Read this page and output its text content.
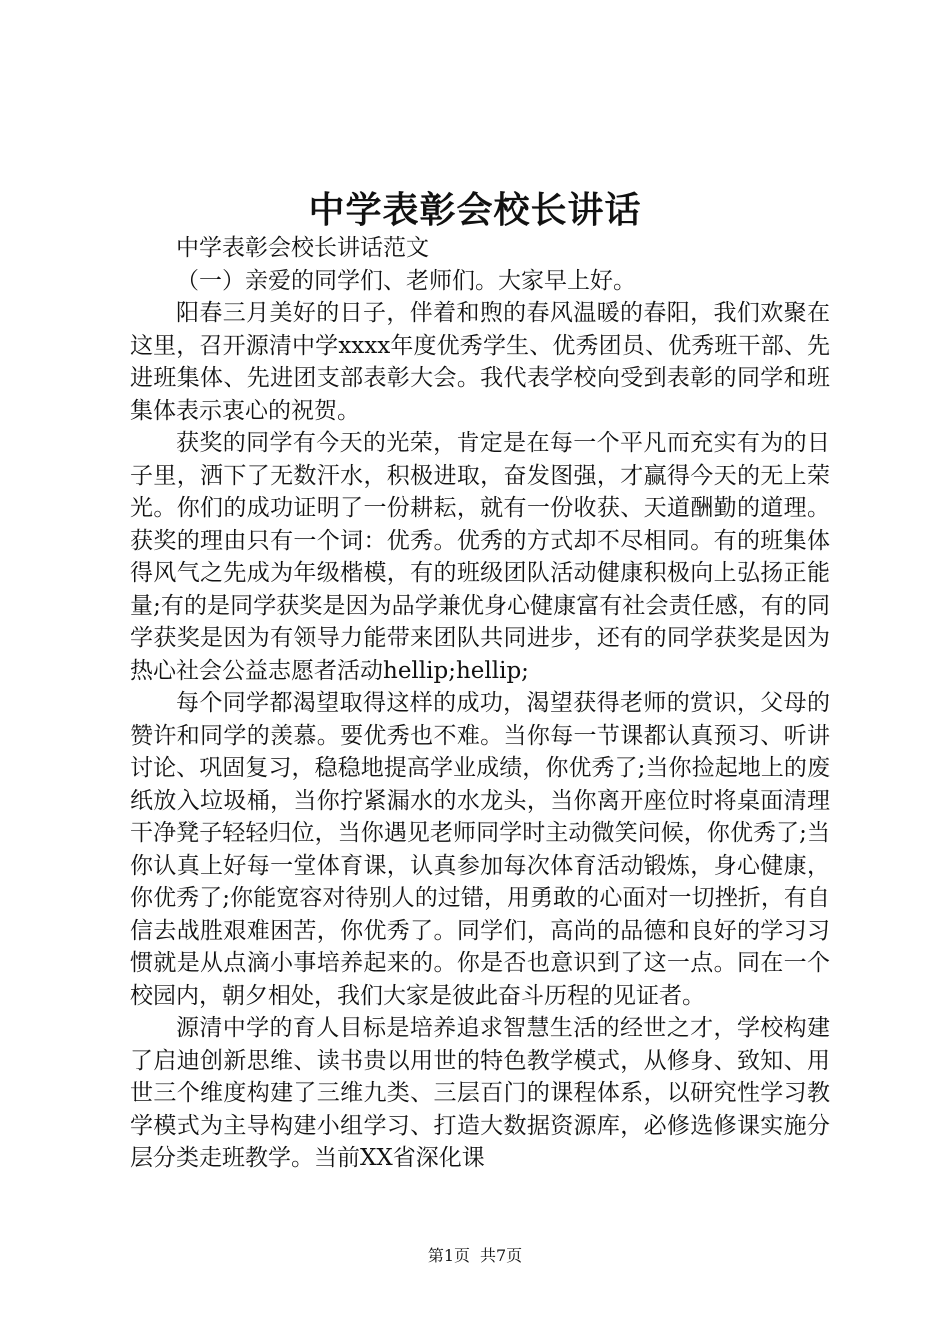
中学表彰会校长讲话

中学表彰会校长讲话范文

（一）亲爱的同学们、老师们。大家早上好。

阳春三月美好的日子，伴着和煦的春风温暖的春阳，我们欢聚在这里，召开源清中学xxxx年度优秀学生、优秀团员、优秀班干部、先进班集体、先进团支部表彰大会。我代表学校向受到表彰的同学和班集体表示衷心的祝贺。

获奖的同学有今天的光荣，肯定是在每一个平凡而充实有为的日子里，洒下了无数汗水，积极进取，奋发图强，才赢得今天的无上荣光。你们的成功证明了一份耕耘，就有一份收获、天道酬勤的道理。获奖的理由只有一个词：优秀。优秀的方式却不尽相同。有的班集体得风气之先成为年级楷模，有的班级团队活动健康积极向上弘扬正能量;有的是同学获奖是因为品学兼优身心健康富有社会责任感，有的同学获奖是因为有领导力能带来团队共同进步，还有的同学获奖是因为热心社会公益志愿者活动hellip;hellip;

每个同学都渴望取得这样的成功，渴望获得老师的赏识，父母的赞许和同学的羡慕。要优秀也不难。当你每一节课都认真预习、听讲讨论、巩固复习，稳稳地提高学业成绩，你优秀了;当你捡起地上的废纸放入垃圾桶，当你拧紧漏水的水龙头，当你离开座位时将桌面清理干净凳子轻轻归位，当你遇见老师同学时主动微笑问候，你优秀了;当你认真上好每一堂体育课，认真参加每次体育活动锻炼，身心健康，你优秀了;你能宽容对待别人的过错，用勇敢的心面对一切挫折，有自信去战胜艰难困苦，你优秀了。同学们，高尚的品德和良好的学习习惯就是从点滴小事培养起来的。你是否也意识到了这一点。同在一个校园内，朝夕相处，我们大家是彼此奋斗历程的见证者。

源清中学的育人目标是培养追求智慧生活的经世之才，学校构建了启迪创新思维、读书贵以用世的特色教学模式，从修身、致知、用世三个维度构建了三维九类、三层百门的课程体系，以研究性学习教学模式为主导构建小组学习、打造大数据资源库，必修选修课实施分层分类走班教学。当前XX省深化课

第1页 共7页
